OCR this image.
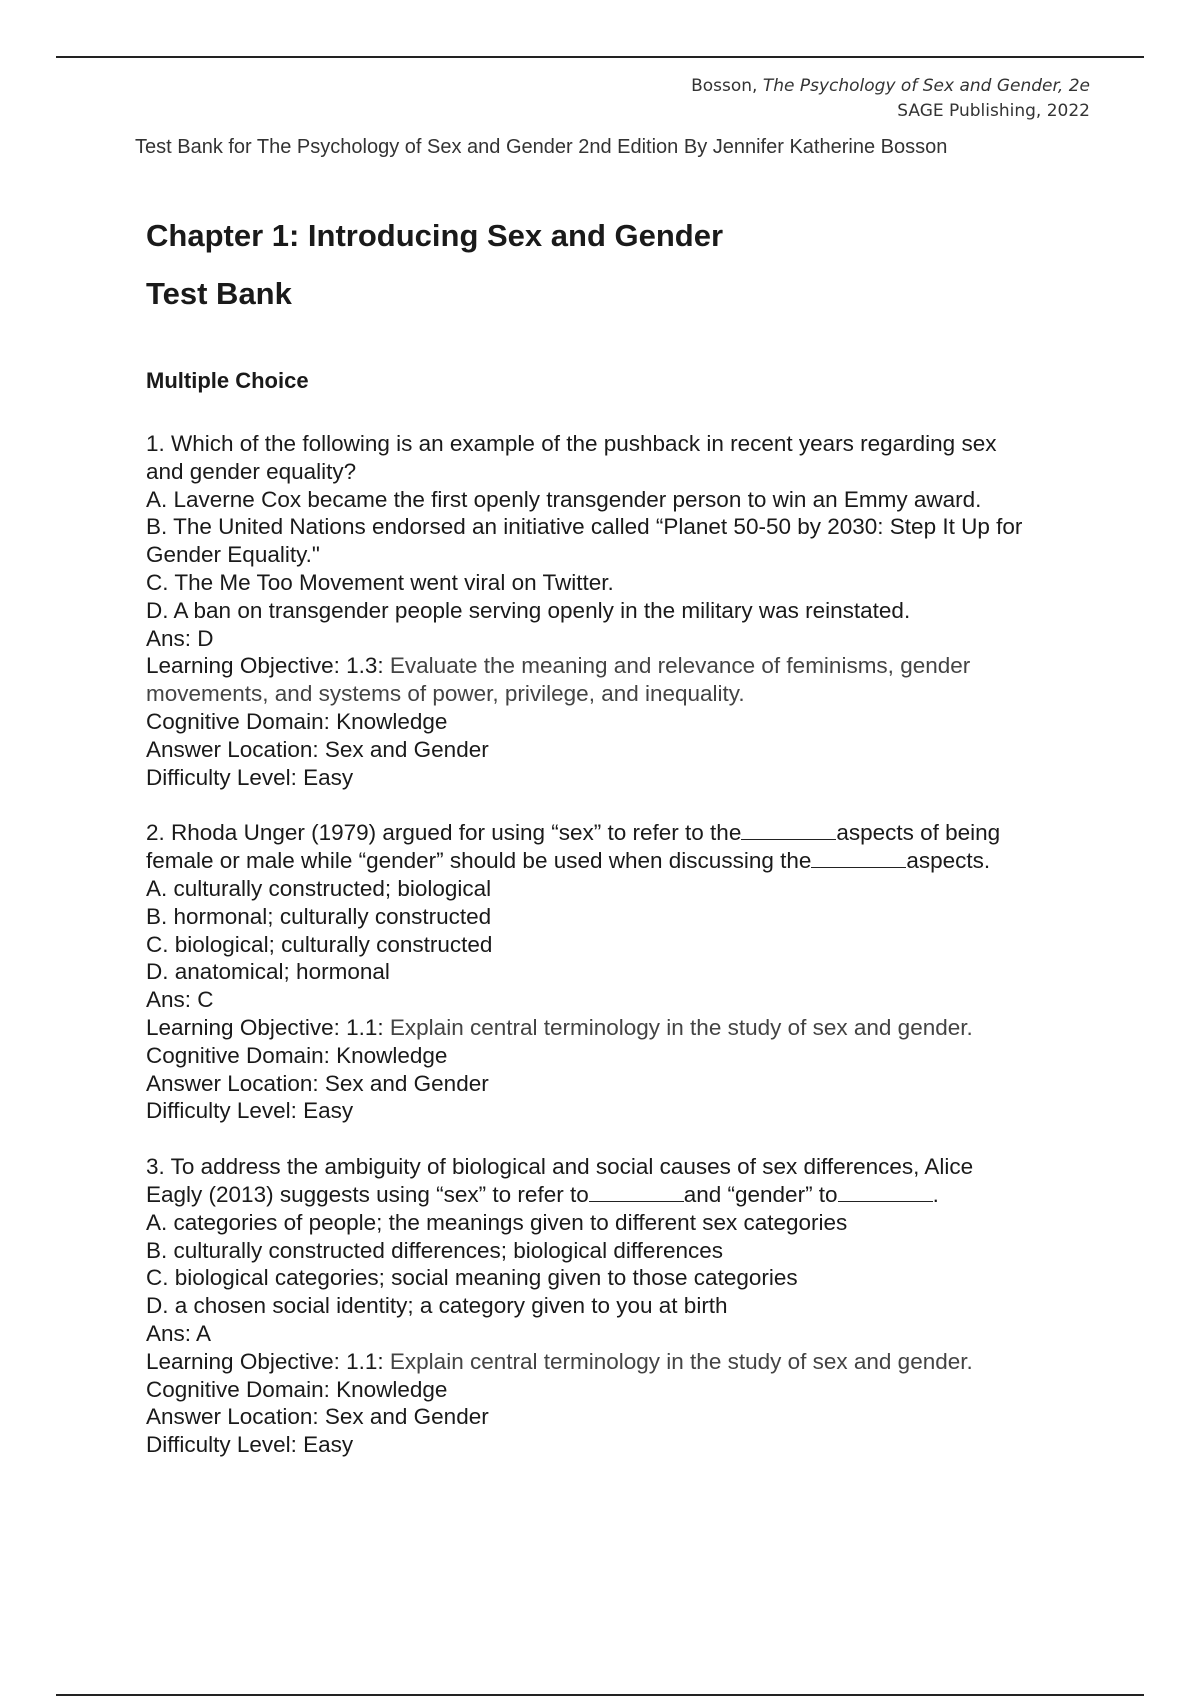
Bosson, The Psychology of Sex and Gender, 2e
SAGE Publishing, 2022
Test Bank for The Psychology of Sex and Gender 2nd Edition By Jennifer Katherine Bosson
Chapter 1: Introducing Sex and Gender
Test Bank
Multiple Choice
1. Which of the following is an example of the pushback in recent years regarding sex
and gender equality?
A. Laverne Cox became the first openly transgender person to win an Emmy award.
B. The United Nations endorsed an initiative called “Planet 50-50 by 2030: Step It Up for
Gender Equality."
C. The Me Too Movement went viral on Twitter.
D. A ban on transgender people serving openly in the military was reinstated.
Ans: D
Learning Objective: 1.3: Evaluate the meaning and relevance of feminisms, gender
movements, and systems of power, privilege, and inequality.
Cognitive Domain: Knowledge
Answer Location: Sex and Gender
Difficulty Level: Easy
2. Rhoda Unger (1979) argued for using “sex” to refer to the	aspects of being
female or male while “gender” should be used when discussing the	aspects.
A. culturally constructed; biological
B. hormonal; culturally constructed
C. biological; culturally constructed
D. anatomical; hormonal
Ans: C
Learning Objective: 1.1: Explain central terminology in the study of sex and gender.
Cognitive Domain: Knowledge
Answer Location: Sex and Gender
Difficulty Level: Easy
3. To address the ambiguity of biological and social causes of sex differences, Alice
Eagly (2013) suggests using “sex” to refer to	and “gender” to	.
A. categories of people; the meanings given to different sex categories
B. culturally constructed differences; biological differences
C. biological categories; social meaning given to those categories
D. a chosen social identity; a category given to you at birth
Ans: A
Learning Objective: 1.1: Explain central terminology in the study of sex and gender.
Cognitive Domain: Knowledge
Answer Location: Sex and Gender
Difficulty Level: Easy
